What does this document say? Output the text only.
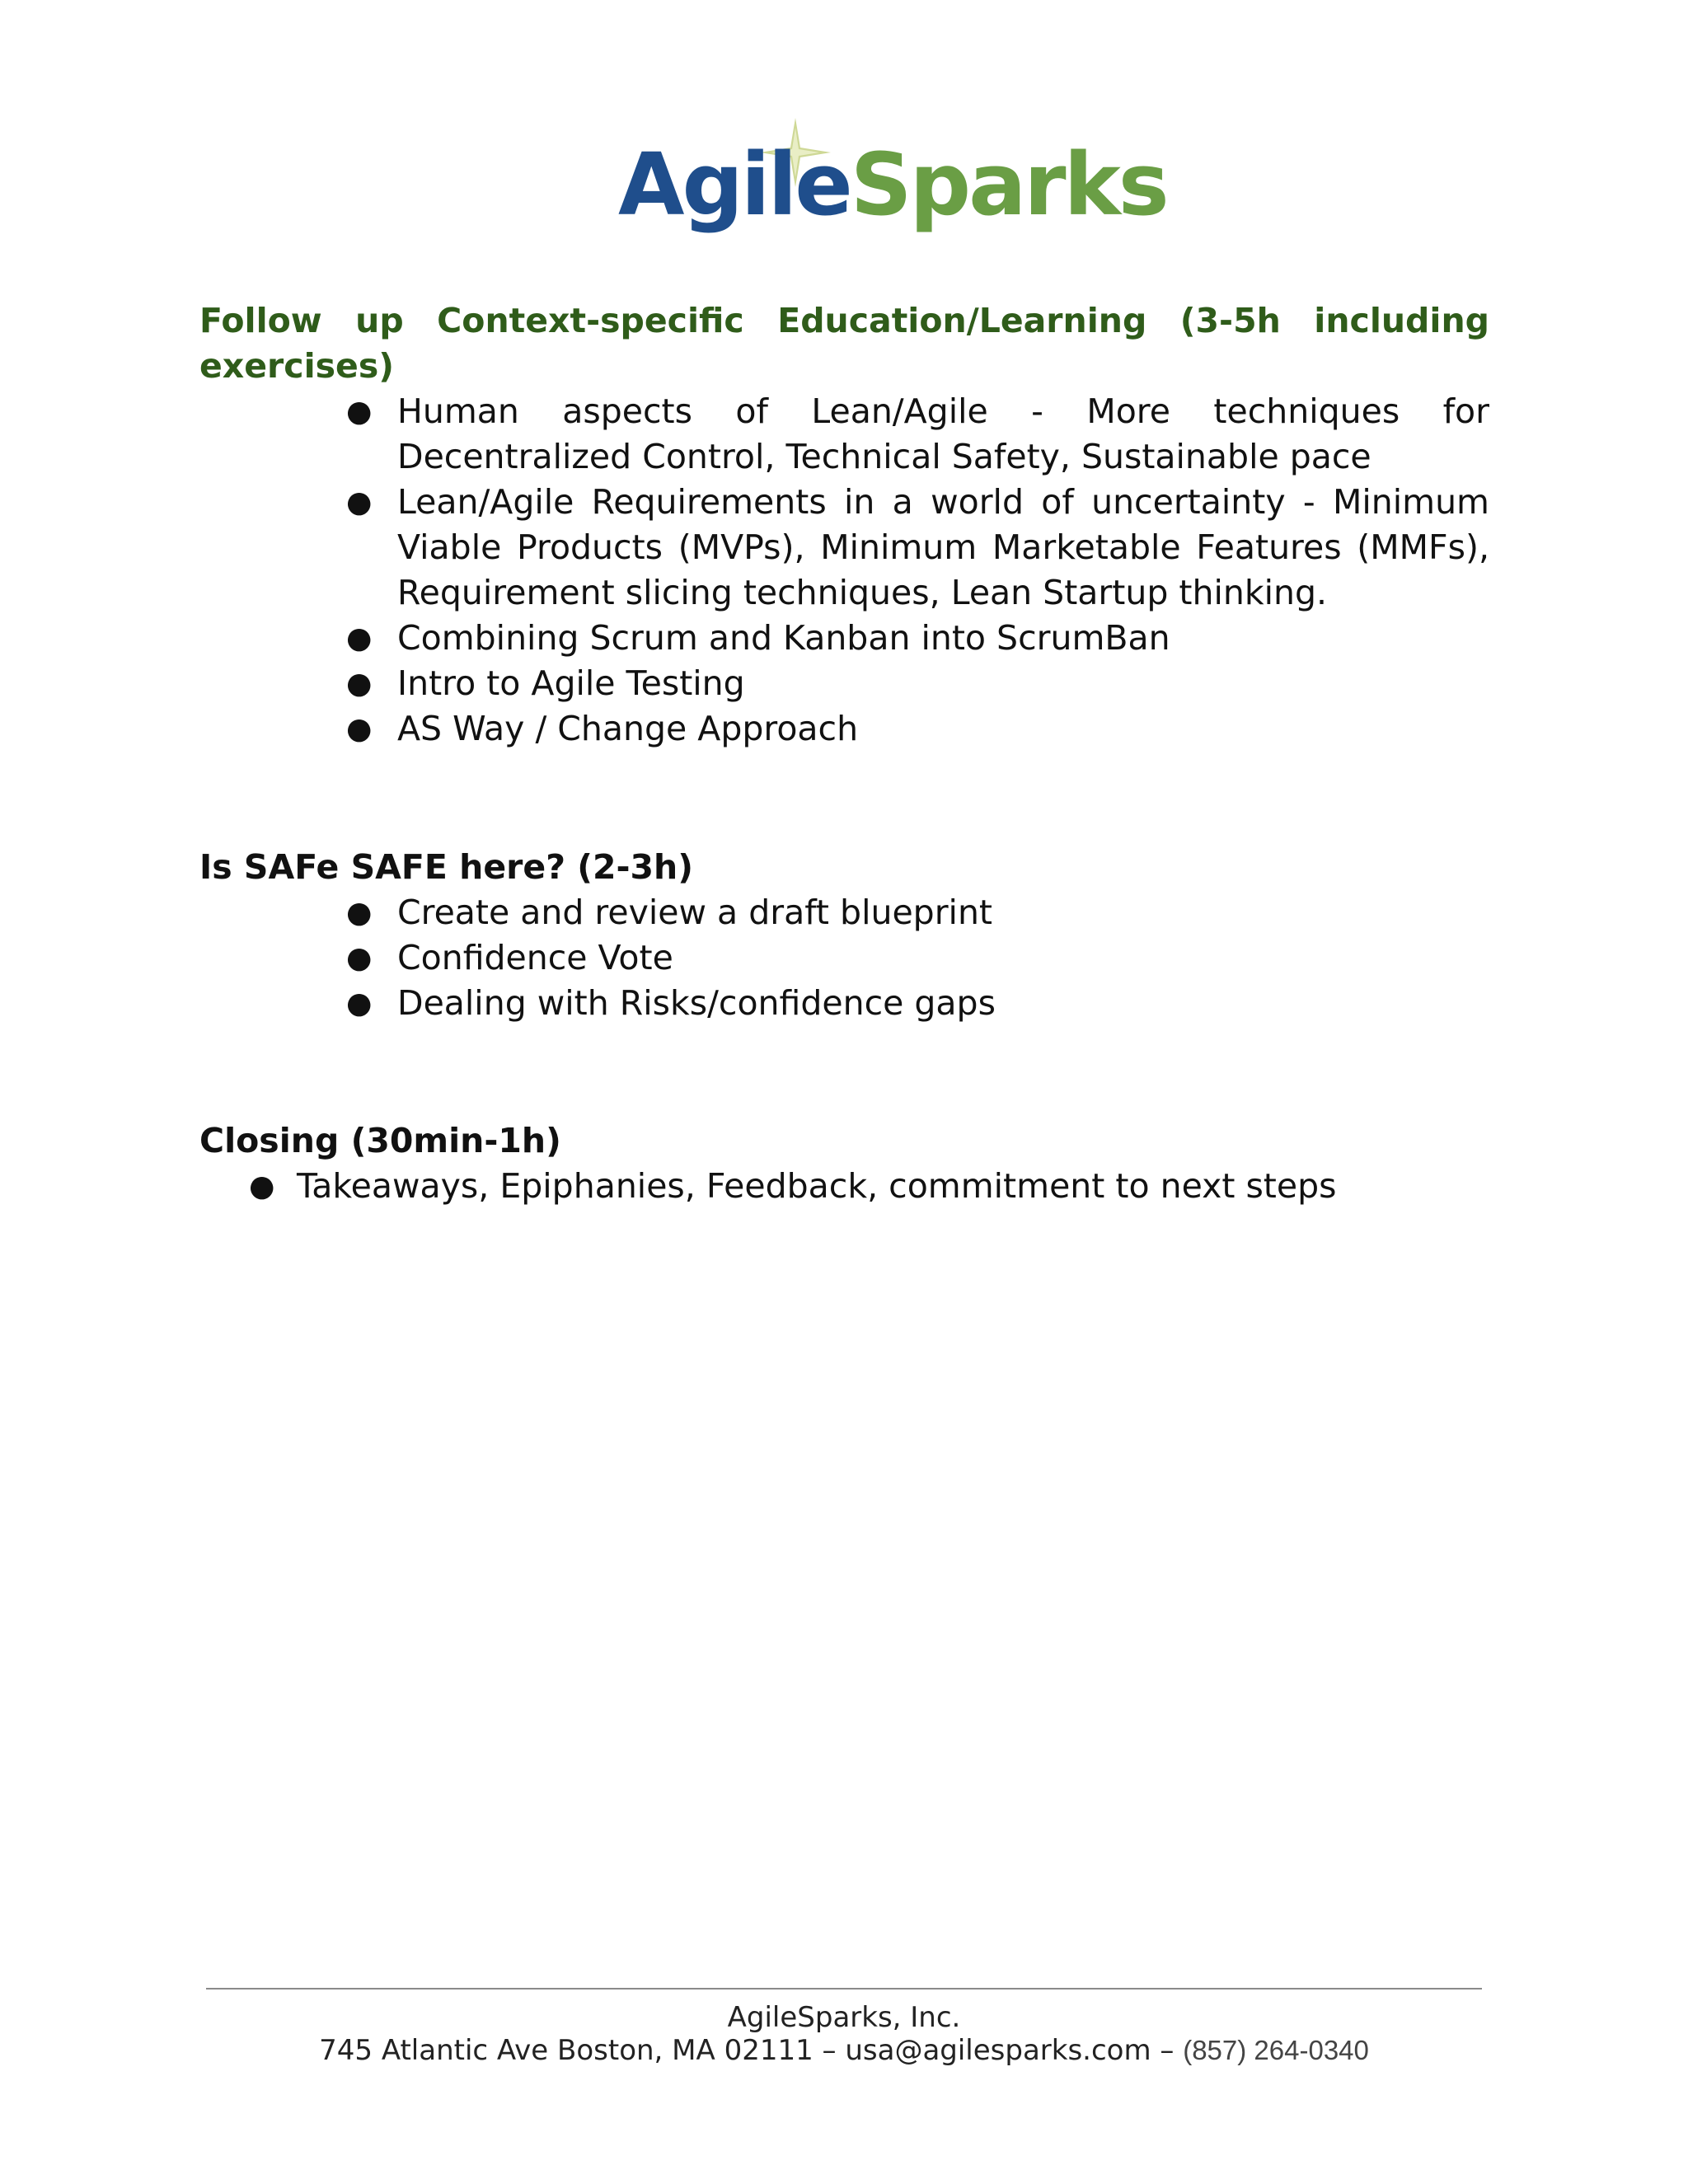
AgileSparks
Follow up Context-specific Education/Learning (3-5h including exercises)
● Human aspects of Lean/Agile - More techniques for Decentralized Control, Technical Safety, Sustainable pace
● Lean/Agile Requirements in a world of uncertainty - Minimum Viable Products (MVPs), Minimum Marketable Features (MMFs), Requirement slicing techniques, Lean Startup thinking.
● Combining Scrum and Kanban into ScrumBan
● Intro to Agile Testing
● AS Way / Change Approach
Is SAFe SAFE here? (2-3h)
● Create and review a draft blueprint
● Confidence Vote
● Dealing with Risks/confidence gaps
Closing (30min-1h)
● Takeaways, Epiphanies, Feedback, commitment to next steps
AgileSparks, Inc.
745 Atlantic Ave Boston, MA 02111 – usa@agilesparks.com – (857) 264-0340
